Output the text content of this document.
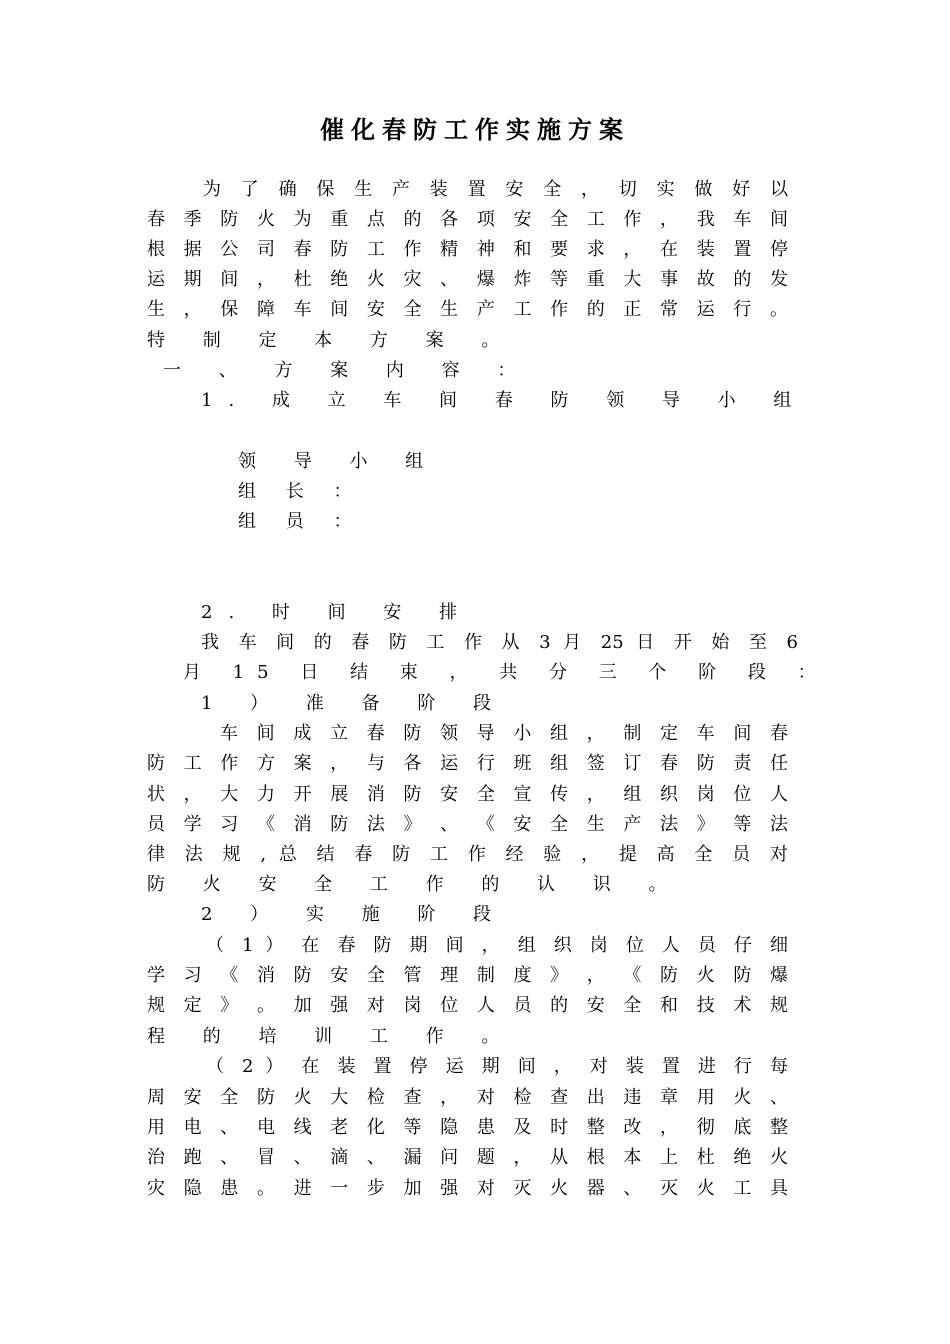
催化春防工作实施方案
为 了 确 保 生 产 装 置 安 全 ， 切 实 做 好 以
春 季 防 火 为 重 点 的 各 项 安 全 工 作 ， 我 车 间
根 据 公 司 春 防 工 作 精 神 和 要 求 ， 在 装 置 停
运 期 间 ， 杜 绝 火 灾 、 爆 炸 等 重 大 事 故 的 发
生 ， 保 障 车 间 安 全 生 产 工 作 的 正 常 运 行 。
特 制 定 本 方 案 。
一 、 方 案 内 容 ：
1. 成 立 车 间 春 防 领 导 小 组
领 导 小 组
组 长 ：
组 员 ：
2. 时 间 安 排
我 车 间 的 春 防 工 作 从 3 月 25 日 开 始 至 6
月 15 日 结 束 ， 共 分 三 个 阶 段 ：
1 ） 准 备 阶 段
车 间 成 立 春 防 领 导 小 组 ， 制 定 车 间 春
防 工 作 方 案 ， 与 各 运 行 班 组 签 订 春 防 责 任
状 ， 大 力 开 展 消 防 安 全 宣 传 ， 组 织 岗 位 人
员 学 习 《 消 防 法 》 、 《 安 全 生 产 法 》 等 法
律 法 规 , 总 结 春 防 工 作 经 验 ， 提 高 全 员 对
防 火 安 全 工 作 的 认 识 。
2 ） 实 施 阶 段
（ 1 ） 在 春 防 期 间 ， 组 织 岗 位 人 员 仔 细
学 习 《 消 防 安 全 管 理 制 度 》 ， 《 防 火 防 爆
规 定 》 。 加 强 对 岗 位 人 员 的 安 全 和 技 术 规
程 的 培 训 工 作 。
（ 2 ） 在 装 置 停 运 期 间 ， 对 装 置 进 行 每
周 安 全 防 火 大 检 查 ， 对 检 查 出 违 章 用 火 、
用 电 、 电 线 老 化 等 隐 患 及 时 整 改 ， 彻 底 整
治 跑 、 冒 、 滴 、 漏 问 题 ， 从 根 本 上 杜 绝 火
灾 隐 患 。 进 一 步 加 强 对 灭 火 器 、 灭 火 工 具
